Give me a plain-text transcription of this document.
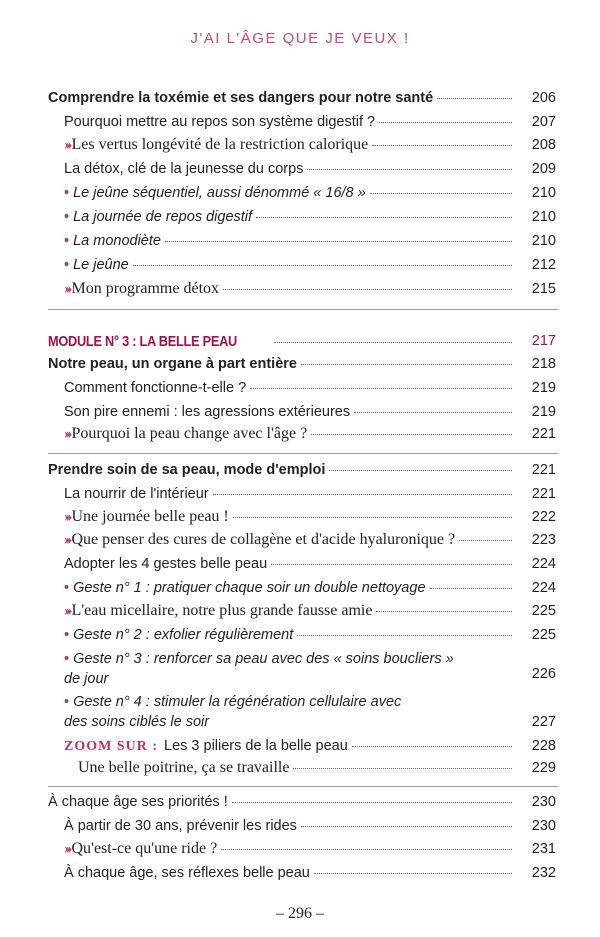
J'AI L'ÂGE QUE JE VEUX !
Comprendre la toxémie et ses dangers pour notre santé	206
Pourquoi mettre au repos son système digestif ?	207
››› Les vertus longévité de la restriction calorique	208
La détox, clé de la jeunesse du corps	209
• Le jeûne séquentiel, aussi dénommé « 16/8 »	210
• La journée de repos digestif	210
• La monodiète	210
• Le jeûne	212
››› Mon programme détox	215
MODULE N° 3 : LA BELLE PEAU	217
Notre peau, un organe à part entière	218
Comment fonctionne-t-elle ?	219
Son pire ennemi : les agressions extérieures	219
››› Pourquoi la peau change avec l'âge ?	221
Prendre soin de sa peau, mode d'emploi	221
La nourrir de l'intérieur	221
››› Une journée belle peau !	222
››› Que penser des cures de collagène et d'acide hyaluronique ?	223
Adopter les 4 gestes belle peau	224
• Geste n° 1 : pratiquer chaque soir un double nettoyage	224
››› L'eau micellaire, notre plus grande fausse amie	225
• Geste n° 2 : exfolier régulièrement	225
• Geste n° 3 : renforcer sa peau avec des « soins boucliers »
de jour	226
• Geste n° 4 : stimuler la régénération cellulaire avec
des soins ciblés le soir	227
ZOOM SUR : Les 3 piliers de la belle peau	228
Une belle poitrine, ça se travaille	229
À chaque âge ses priorités !	230
À partir de 30 ans, prévenir les rides	230
››› Qu'est-ce qu'une ride ?	231
À chaque âge, ses réflexes belle peau	232
– 296 –
